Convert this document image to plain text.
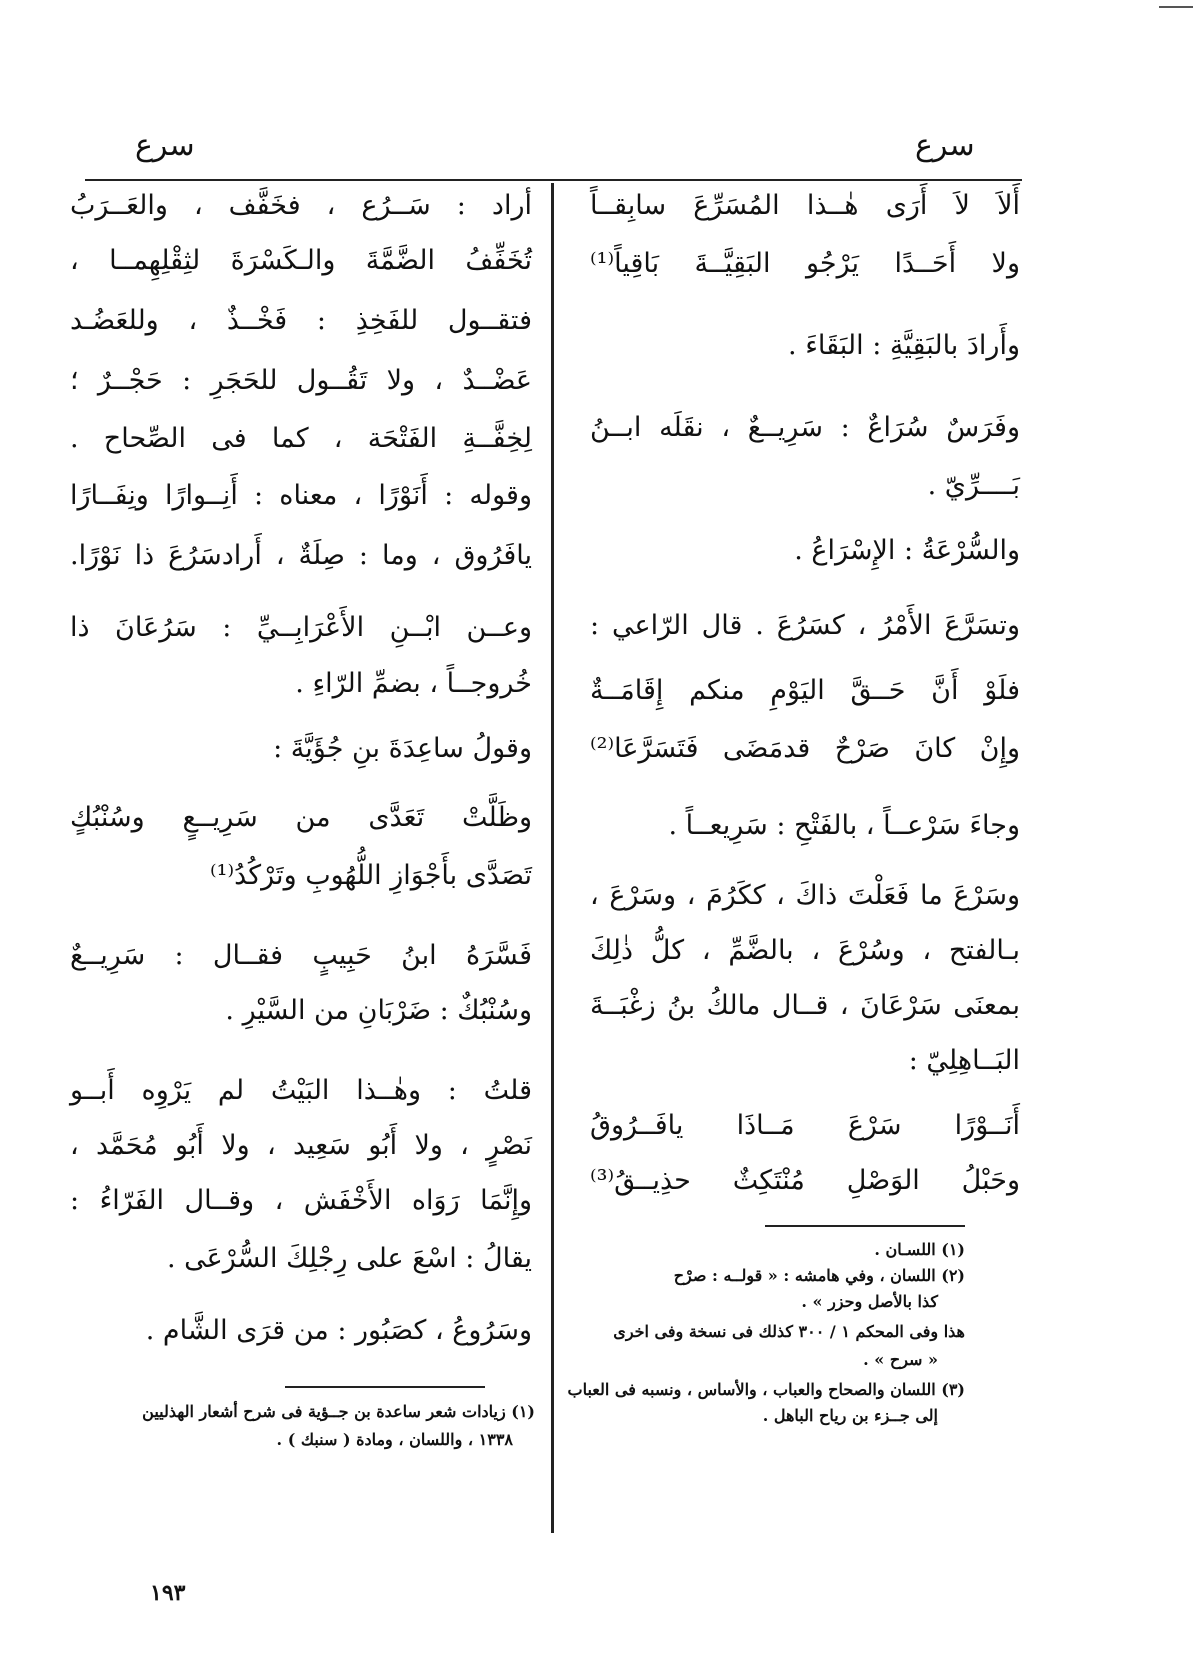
سرع
سرع
أَلاَ لاَ أَرَى هٰــذا المُسَرِّعَ سابِقــاً
ولا أَحَــدًا يَرْجُو البَقِيَّــةَ بَاقِياً⁽¹⁾
وأَرادَ بالبَقِيَّةِ : البَقَاءَ .
وفَرَسٌ سُرَاعٌ : سَرِيــعٌ ، نقَلَه ابــنُ
بَــــرِّيّ .
والسُّرْعَةُ : الإِسْرَاعُ .
وتسَرَّعَ الأَمْرُ ، كسَرُعَ . قال الرّاعي :
فلَوْ أَنَّ حَــقَّ اليَوْمِ منكم إِقَامَــةٌ
وإِنْ كانَ صَرْحٌ قدمَضَى فَتَسَرَّعَا⁽²⁾
وجاءَ سَرْعــاً ، بالفَتْحِ : سَرِيعــاً .
وسَرْعَ ما فَعَلْتَ ذاكَ ، ككَرُمَ ، وسَرْعَ ،
بـالفتح ، وسُرْعَ ، بالضَّمِّ ، كلُّ ذٰلِكَ
بمعنَى سَرْعَانَ ، قــال مالكُ بنُ زغْبَــةَ
البَــاهِلِيّ :
أَنَــوْرًا سَرْعَ مَــاذَا يافَــرُوقُ
وحَبْلُ الوَصْلِ مُنْتَكِثٌ حذِيــقُ⁽³⁾
(١) اللسـان .
(٢) اللسان ، وفي هامشه : « قولــه : صرْح
كذا بالأصل وحزر » .
هذا وفى المحكم ١ / ٣٠٠ كذلك فى نسخة وفى اخرى
« سرح » .
(٣) اللسان والصحاح والعباب ، والأساس ، ونسبه فى العباب
إلى جــزء بن رياح الباهل .
أراد : سَــرُع ، فخَفَّف ، والعَــرَبُ
تُخَفِّفُ الضَّمَّةَ والـكَسْرَةَ لثِقْلِهِمــا ،
فتقــول للفَخِذِ : فَخْــذٌ ، وللعَضُـد
عَضْــدٌ ، ولا تَقُــول للحَجَرِ : حَجْــرٌ ؛
لِخِفَّــةِ الفَتْحَة ، كما فى الصِّحاح .
وقوله : أَنَوْرًا ، معناه : أَنِــوارًا ونِفَــارًا
يافَرُوق ، وما : صِلَةٌ ، أَرادسَرُعَ ذا نَوْرًا.
وعــن ابْــنِ الأَعْرَابِــيِّ : سَرُعَانَ ذا
خُروجــاً ، بضمِّ الرّاءِ .
وقولُ ساعِدَةَ بنِ جُؤَيَّةَ :
وظَلَّتْ تَعَدَّى من سَرِيــعٍ وسُنْبُكٍ
تَصَدَّى بأَجْوَازِ اللُّهُوبِ وتَرْكُدُ⁽¹⁾
فَسَّرَهُ ابنُ حَبِيبٍ فقــال : سَرِيــعٌ
وسُنْبُكٌ : ضَرْبَانِ من السَّيْرِ .
قلتُ : وهٰــذا البَيْتُ لم يَرْوِه أَبــو
نَصْرٍ ، ولا أَبُو سَعِيد ، ولا أَبُو مُحَمَّد ،
وإِنَّمَا رَوَاه الأَخْفَش ، وقــال الفَرّاءُ :
يقالُ : اسْعَ على رِجْلِكَ السُّرْعَى .
وسَرُوعُ ، كصَبُور : من قرَى الشَّام .
(١) زيادات شعر ساعدة بن جــؤية فى شرح أشعار الهذليين
١٣٣٨ ، واللسان ، ومادة ( سنبك ) .
١٩٣
